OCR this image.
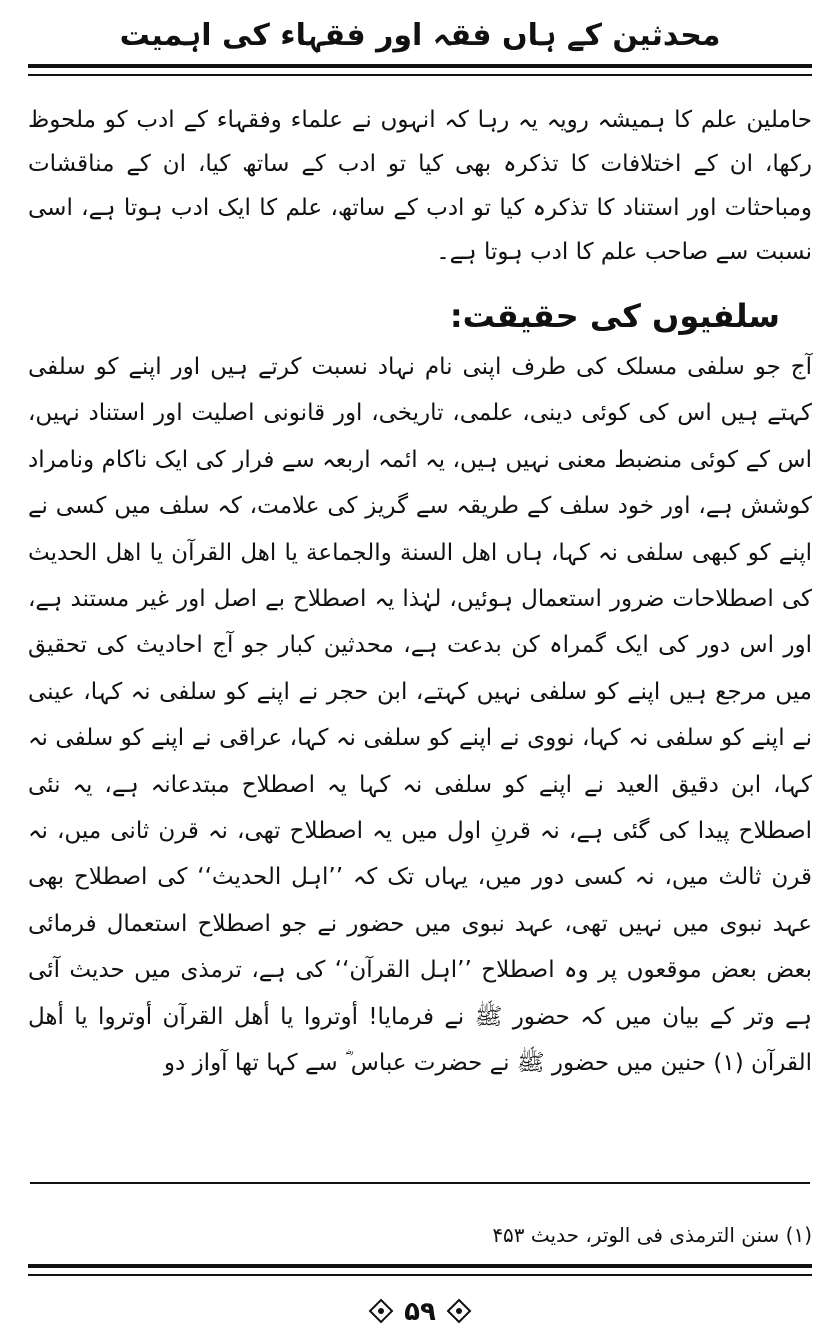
محدثین کے ہاں فقہ اور فقہاء کی اہمیت

حاملین علم کا ہمیشہ رویہ یہ رہا کہ انہوں نے علماء وفقہاء کے ادب کو ملحوظ رکھا، ان کے اختلافات کا تذکرہ بھی کیا تو ادب کے ساتھ کیا، ان کے مناقشات ومباحثات اور استناد کا تذکرہ کیا تو ادب کے ساتھ، علم کا ایک ادب ہوتا ہے، اسی نسبت سے صاحب علم کا ادب ہوتا ہے۔

سلفیوں کی حقیقت:

آج جو سلفی مسلک کی طرف اپنی نام نہاد نسبت کرتے ہیں اور اپنے کو سلفی کہتے ہیں اس کی کوئی دینی، علمی، تاریخی، اور قانونی اصلیت اور استناد نہیں، اس کے کوئی منضبط معنی نہیں ہیں، یہ ائمہ اربعہ سے فرار کی ایک ناکام ونامراد کوشش ہے، اور خود سلف کے طریقہ سے گریز کی علامت، کہ سلف میں کسی نے اپنے کو کبھی سلفی نہ کہا، ہاں اهل السنة والجماعة یا اهل القرآن یا اهل الحديث کی اصطلاحات ضرور استعمال ہوئیں، لہٰذا یہ اصطلاح بے اصل اور غیر مستند ہے، اور اس دور کی ایک گمراہ کن بدعت ہے، محدثین کبار جو آج احادیث کی تحقیق میں مرجع ہیں اپنے کو سلفی نہیں کہتے، ابن حجر نے اپنے کو سلفی نہ کہا، عینی نے اپنے کو سلفی نہ کہا، نووی نے اپنے کو سلفی نہ کہا، عراقی نے اپنے کو سلفی نہ کہا، ابن دقیق العید نے اپنے کو سلفی نہ کہا یہ اصطلاح مبتدعانہ ہے، یہ نئی اصطلاح پیدا کی گئی ہے، نہ قرنِ اول میں یہ اصطلاح تھی، نہ قرن ثانی میں، نہ قرن ثالث میں، نہ کسی دور میں، یہاں تک کہ ’’اہل الحدیث‘‘ کی اصطلاح بھی عہد نبوی میں نہیں تھی، عہد نبوی میں حضور نے جو اصطلاح استعمال فرمائی بعض بعض موقعوں پر وہ اصطلاح ’’اہل القرآن‘‘ کی ہے، ترمذی میں حدیث آئی ہے وتر کے بیان میں کہ حضور ﷺ نے فرمایا! أوتروا یا أهل القرآن أوتروا یا أهل القرآن (۱) حنین میں حضور ﷺ نے حضرت عباس ؓ سے کہا تھا آواز دو

(۱) سنن الترمذی فی الوتر، حدیث ۴۵۳
۵۹
